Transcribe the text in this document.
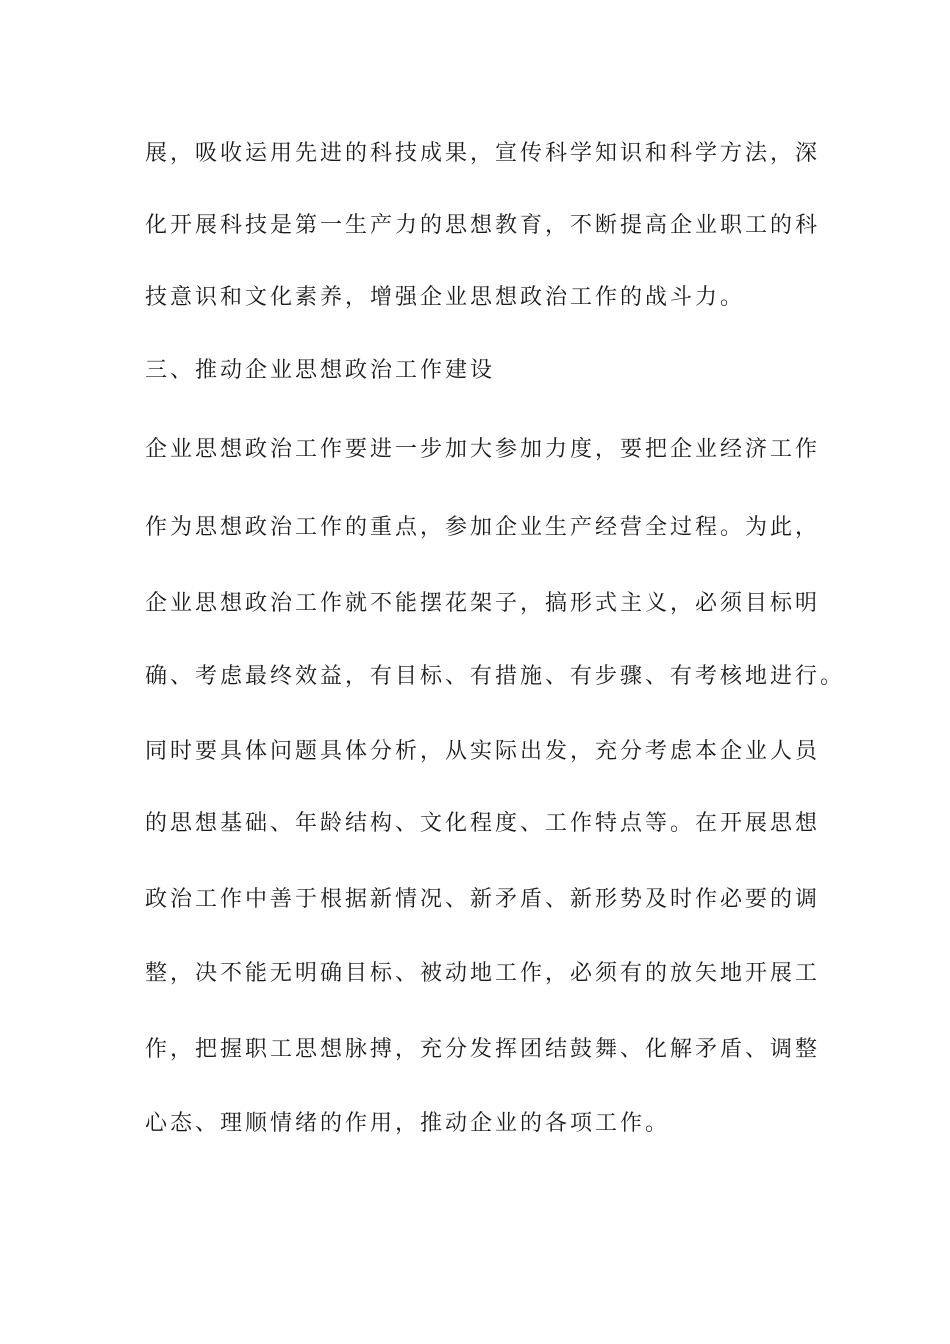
展，吸收运用先进的科技成果，宣传科学知识和科学方法，深
化开展科技是第一生产力的思想教育，不断提高企业职工的科
技意识和文化素养，增强企业思想政治工作的战斗力。
三、推动企业思想政治工作建设
企业思想政治工作要进一步加大参加力度，要把企业经济工作
作为思想政治工作的重点，参加企业生产经营全过程。为此，
企业思想政治工作就不能摆花架子，搞形式主义，必须目标明
确、考虑最终效益，有目标、有措施、有步骤、有考核地进行。
同时要具体问题具体分析，从实际出发，充分考虑本企业人员
的思想基础、年龄结构、文化程度、工作特点等。在开展思想
政治工作中善于根据新情况、新矛盾、新形势及时作必要的调
整，决不能无明确目标、被动地工作，必须有的放矢地开展工
作，把握职工思想脉搏，充分发挥团结鼓舞、化解矛盾、调整
心态、理顺情绪的作用，推动企业的各项工作。
